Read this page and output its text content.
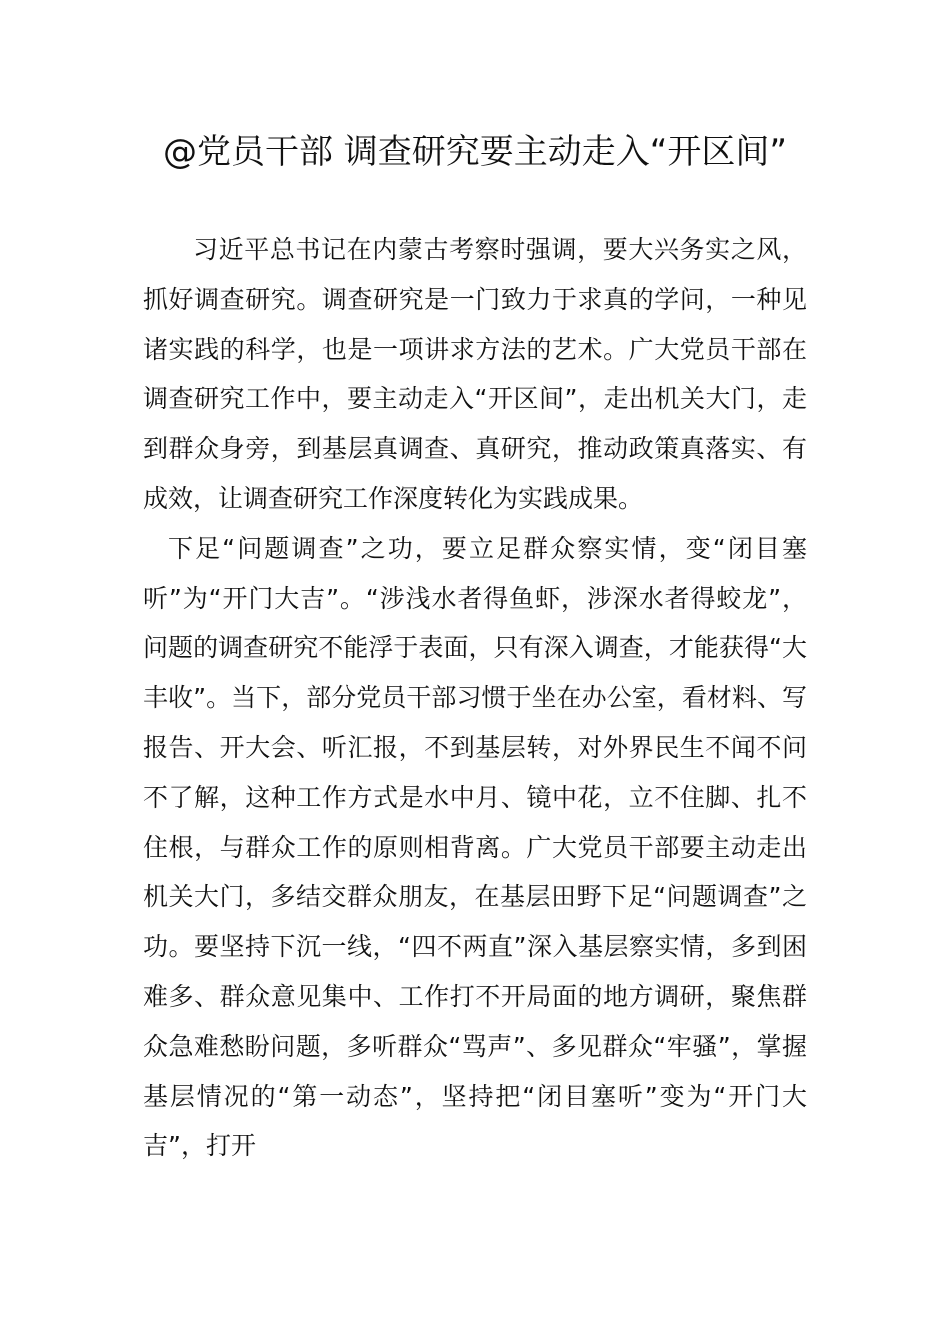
@党员干部 调查研究要主动走入“开区间”

习近平总书记在内蒙古考察时强调，要大兴务实之风，抓好调查研究。调查研究是一门致力于求真的学问，一种见诸实践的科学，也是一项讲求方法的艺术。广大党员干部在调查研究工作中，要主动走入“开区间”，走出机关大门，走到群众身旁，到基层真调查、真研究，推动政策真落实、有成效，让调查研究工作深度转化为实践成果。

下足“问题调查”之功，要立足群众察实情，变“闭目塞听”为“开门大吉”。“涉浅水者得鱼虾，涉深水者得蛟龙”，问题的调查研究不能浮于表面，只有深入调查，才能获得“大丰收”。当下，部分党员干部习惯于坐在办公室，看材料、写报告、开大会、听汇报，不到基层转，对外界民生不闻不问不了解，这种工作方式是水中月、镜中花，立不住脚、扎不住根，与群众工作的原则相背离。广大党员干部要主动走出机关大门，多结交群众朋友，在基层田野下足“问题调查”之功。要坚持下沉一线，“四不两直”深入基层察实情，多到困难多、群众意见集中、工作打不开局面的地方调研，聚焦群众急难愁盼问题，多听群众“骂声”、多见群众“牢骚”，掌握基层情况的“第一动态”，坚持把“闭目塞听”变为“开门大吉”，打开
